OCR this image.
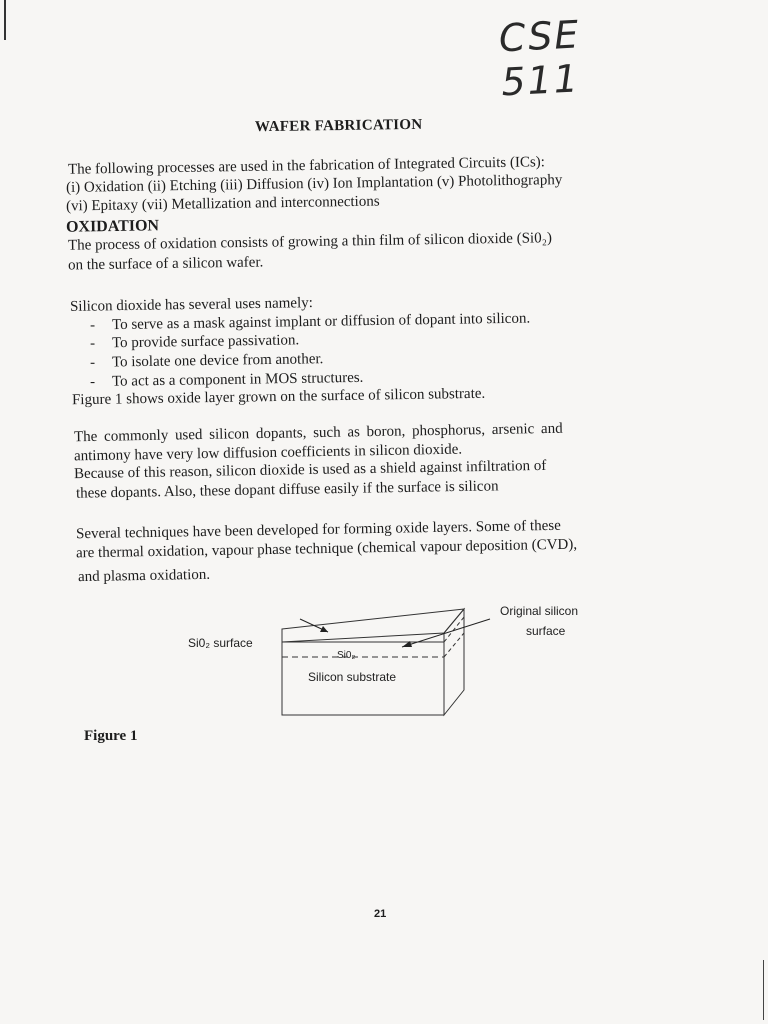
CSE 511
WAFER FABRICATION
The following processes are used in the fabrication of Integrated Circuits (ICs):
(i) Oxidation (ii) Etching (iii) Diffusion (iv) Ion Implantation (v) Photolithography
(vi) Epitaxy (vii) Metallization and interconnections
OXIDATION
The process of oxidation consists of growing a thin film of silicon dioxide (Si0₂)
on the surface of a silicon wafer.
Silicon dioxide has several uses namely:
- To serve as a mask against implant or diffusion of dopant into silicon.
- To provide surface passivation.
- To isolate one device from another.
- To act as a component in MOS structures.
Figure 1 shows oxide layer grown on the surface of silicon substrate.
The commonly used silicon dopants, such as boron, phosphorus, arsenic and
antimony have very low diffusion coefficients in silicon dioxide.
Because of this reason, silicon dioxide is used as a shield against infiltration of
these dopants. Also, these dopant diffuse easily if the surface is silicon
Several techniques have been developed for forming oxide layers. Some of these
are thermal oxidation, vapour phase technique (chemical vapour deposition (CVD),
and plasma oxidation.
Si0₂ surface
Original silicon
surface
Si0₂
Silicon substrate
Figure 1
21
